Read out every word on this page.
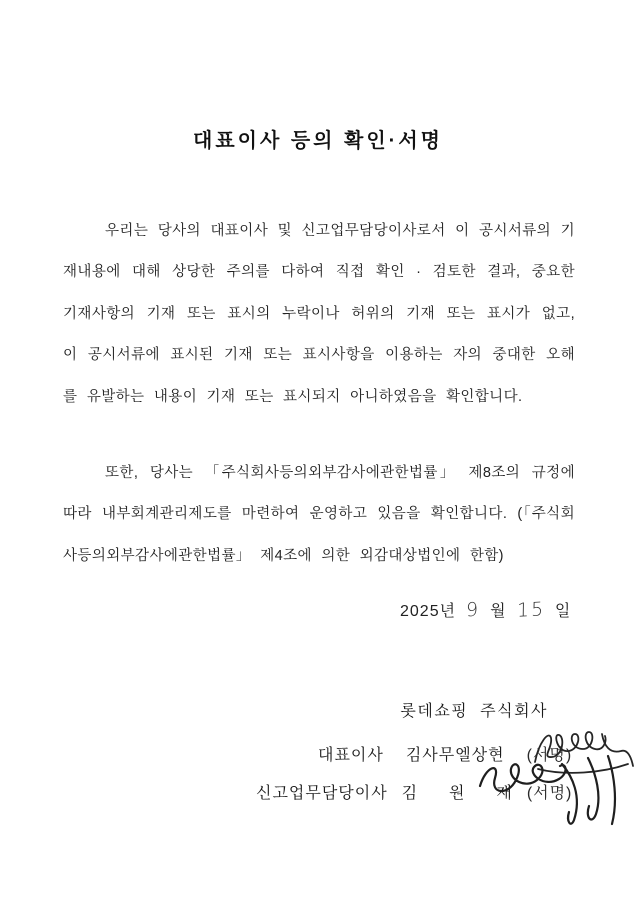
대표이사 등의 확인·서명

우리는 당사의 대표이사 및 신고업무담당이사로서 이 공시서류의 기재내용에 대해 상당한 주의를 다하여 직접 확인 · 검토한 결과, 중요한 기재사항의 기재 또는 표시의 누락이나 허위의 기재 또는 표시가 없고, 이 공시서류에 표시된 기재 또는 표시사항을 이용하는 자의 중대한 오해를 유발하는 내용이 기재 또는 표시되지 아니하였음을 확인합니다.

또한, 당사는 「주식회사등의외부감사에관한법률」 제8조의 규정에 따라 내부회계관리제도를 마련하여 운영하고 있음을 확인합니다. (「주식회사등의외부감사에관한법률」 제4조에 의한 외감대상법인에 한함)

2025년 9 월 15 일
롯데쇼핑 주식회사
대표이사 김사무엘상현 (서명)
신고업무담당이사 김  원  재 (서명)
